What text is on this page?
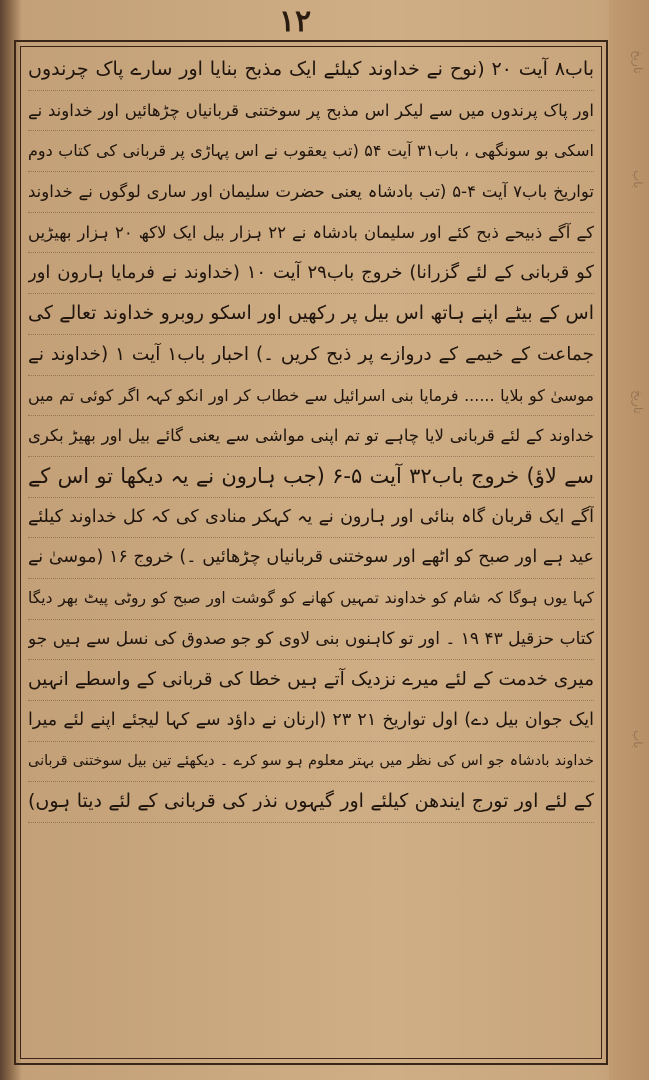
تاریخ
باب
تاریخ
باب
۱۲
باب۸ آیت ۲۰ (نوح نے خداوند کیلئے ایک مذبح بنایا اور سارے پاک چرندوں
اور پاک پرندوں میں سے لیکر اس مذبح پر سوختنی قربانیاں چڑھائیں اور خداوند نے
اسکی بو سونگھی ، باب۳۱ آیت ۵۴ (تب یعقوب نے اس پہاڑی پر قربانی کی کتاب دوم
تواریخ باب۷ آیت ۴-۵ (تب بادشاہ یعنی حضرت سلیمان اور ساری لوگوں نے خداوند
کے آگے ذبیحے ذبح کئے اور سلیمان بادشاہ نے ۲۲ ہزار بیل ایک لاکھ ۲۰ ہزار بھیڑیں
کو قربانی کے لئے گزرانا) خروج باب۲۹ آیت ۱۰ (خداوند نے فرمایا ہارون اور
اس کے بیٹے اپنے ہاتھ اس بیل پر رکھیں اور اسکو روبرو خداوند تعالے کی
جماعت کے خیمے کے دروازے پر ذبح کریں ۔) احبار باب۱ آیت ۱ (خداوند نے
موسیٰ کو بلایا ...... فرمایا بنی اسرائیل سے خطاب کر اور انکو کہہ اگر کوئی تم میں
خداوند کے لئے قربانی لایا چاہے تو تم اپنی مواشی سے یعنی گائے بیل اور بھیڑ بکری
سے لاؤ) خروج باب۳۲ آیت ۵-۶ (جب ہارون نے یہ دیکھا تو اس کے
آگے ایک قربان گاہ بنائی اور ہارون نے یہ کہکر منادی کی کہ کل خداوند کیلئے
عید ہے اور صبح کو اٹھے اور سوختنی قربانیاں چڑھائیں ۔) خروج ۱۶ (موسیٰ نے
کہا یوں ہوگا کہ شام کو خداوند تمہیں کھانے کو گوشت اور صبح کو روٹی پیٹ بھر دیگا
کتاب حزقیل ۴۳ ۱۹ ۔ اور تو کاہنوں بنی لاوی کو جو صدوق کی نسل سے ہیں جو
میری خدمت کے لئے میرے نزدیک آتے ہیں خطا کی قربانی کے واسطے انہیں
ایک جوان بیل دے) اول تواریخ ۲۱ ۲۳ (ارنان نے داؤد سے کہا لیجئے اپنے لئے میرا
خداوند بادشاہ جو اس کی نظر میں بہتر معلوم ہو سو کرے ۔ دیکھئے تین بیل سوختنی قربانی
کے لئے اور تورج ایندھن کیلئے اور گیہوں نذر کی قربانی کے لئے دیتا ہوں)
